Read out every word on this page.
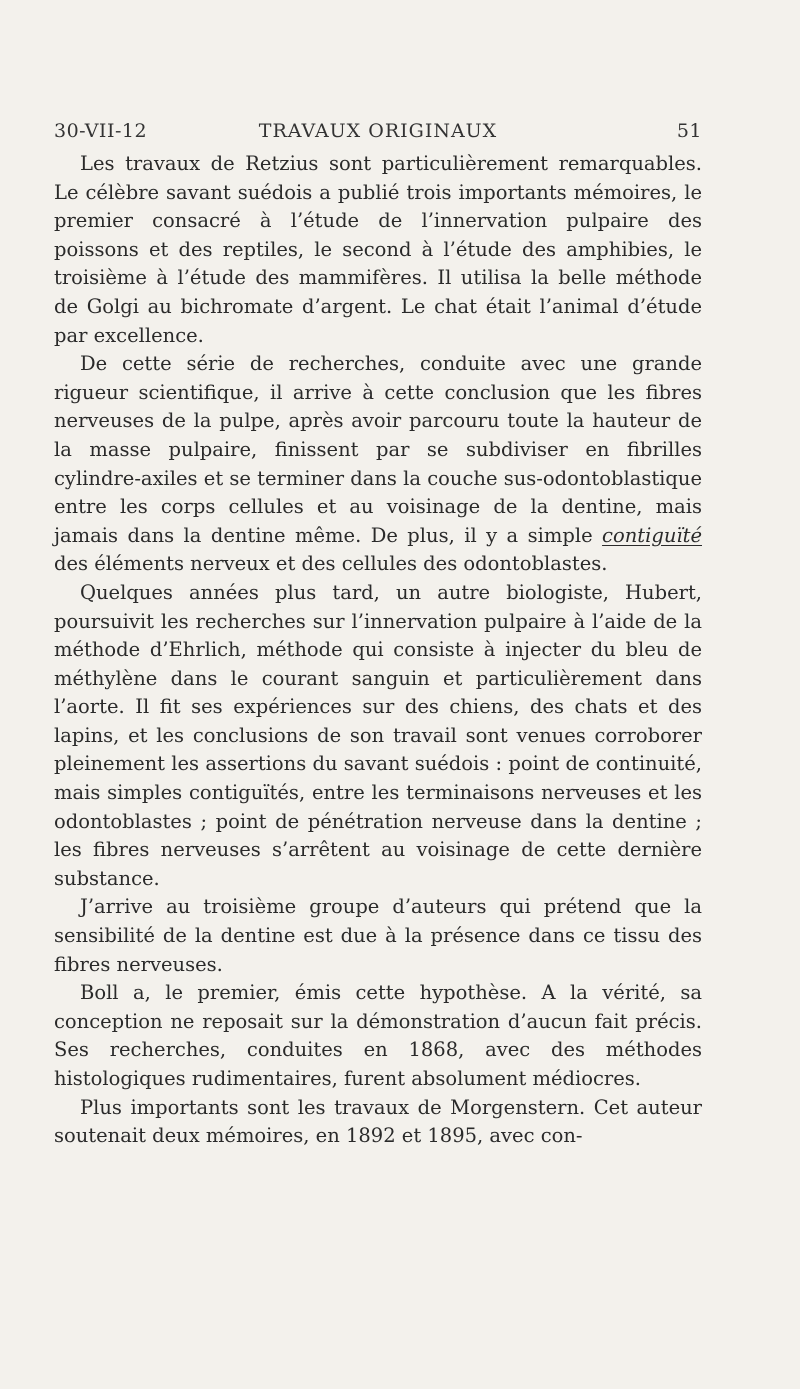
30-VII-12	TRAVAUX ORIGINAUX	51

Les travaux de Retzius sont particulièrement remarquables. Le célèbre savant suédois a publié trois importants mémoires, le premier consacré à l’étude de l’innervation pulpaire des poissons et des reptiles, le second à l’étude des amphibies, le troisième à l’étude des mammifères. Il utilisa la belle méthode de Golgi au bichromate d’argent. Le chat était l’animal d’étude par excellence.

De cette série de recherches, conduite avec une grande rigueur scientifique, il arrive à cette conclusion que les fibres nerveuses de la pulpe, après avoir parcouru toute la hauteur de la masse pulpaire, finissent par se subdiviser en fibrilles cylindre-axiles et se terminer dans la couche sus-odontoblastique entre les corps cellules et au voisinage de la dentine, mais jamais dans la dentine même. De plus, il y a simple contiguïté des éléments nerveux et des cellules des odontoblastes.

Quelques années plus tard, un autre biologiste, Hubert, poursuivit les recherches sur l’innervation pulpaire à l’aide de la méthode d’Ehrlich, méthode qui consiste à injecter du bleu de méthylène dans le courant sanguin et particulièrement dans l’aorte. Il fit ses expériences sur des chiens, des chats et des lapins, et les conclusions de son travail sont venues corroborer pleinement les assertions du savant suédois : point de continuité, mais simples contiguïtés, entre les terminaisons nerveuses et les odontoblastes ; point de pénétration nerveuse dans la dentine ; les fibres nerveuses s’arrêtent au voisinage de cette dernière substance.

J’arrive au troisième groupe d’auteurs qui prétend que la sensibilité de la dentine est due à la présence dans ce tissu des fibres nerveuses.

Boll a, le premier, émis cette hypothèse. A la vérité, sa conception ne reposait sur la démonstration d’aucun fait précis. Ses recherches, conduites en 1868, avec des méthodes histologiques rudimentaires, furent absolument médiocres.

Plus importants sont les travaux de Morgenstern. Cet auteur soutenait deux mémoires, en 1892 et 1895, avec con-
